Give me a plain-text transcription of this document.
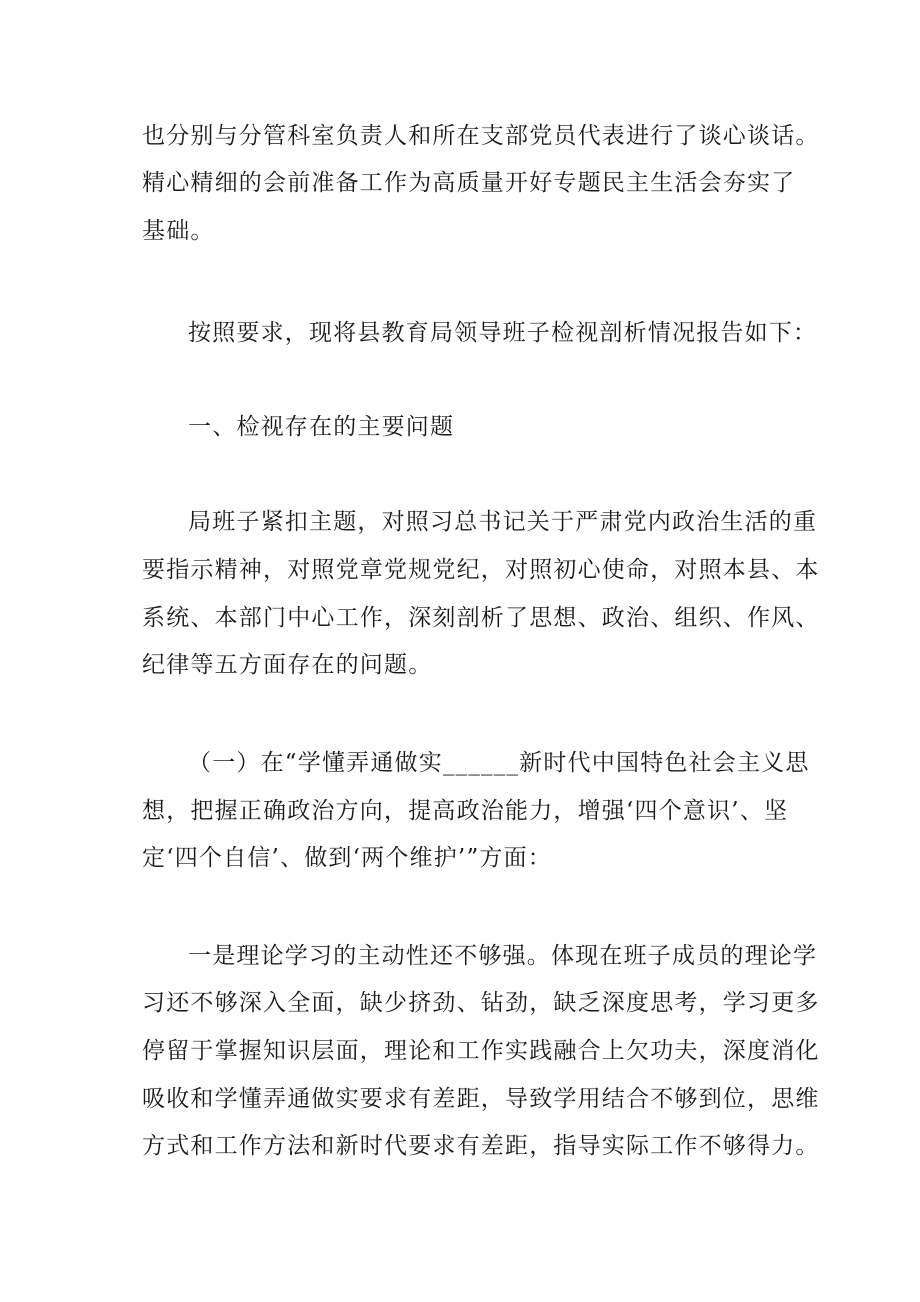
也分别与分管科室负责人和所在支部党员代表进行了谈心谈话。
精心精细的会前准备工作为高质量开好专题民主生活会夯实了
基础。
按照要求，现将县教育局领导班子检视剖析情况报告如下：
一、检视存在的主要问题
局班子紧扣主题，对照习总书记关于严肃党内政治生活的重
要指示精神，对照党章党规党纪，对照初心使命，对照本县、本
系统、本部门中心工作，深刻剖析了思想、政治、组织、作风、
纪律等五方面存在的问题。
（一）在“学懂弄通做实______新时代中国特色社会主义思
想，把握正确政治方向，提高政治能力，增强‘四个意识’、坚
定‘四个自信’、做到‘两个维护’”方面：
一是理论学习的主动性还不够强。体现在班子成员的理论学
习还不够深入全面，缺少挤劲、钻劲，缺乏深度思考，学习更多
停留于掌握知识层面，理论和工作实践融合上欠功夫，深度消化
吸收和学懂弄通做实要求有差距，导致学用结合不够到位，思维
方式和工作方法和新时代要求有差距，指导实际工作不够得力。
